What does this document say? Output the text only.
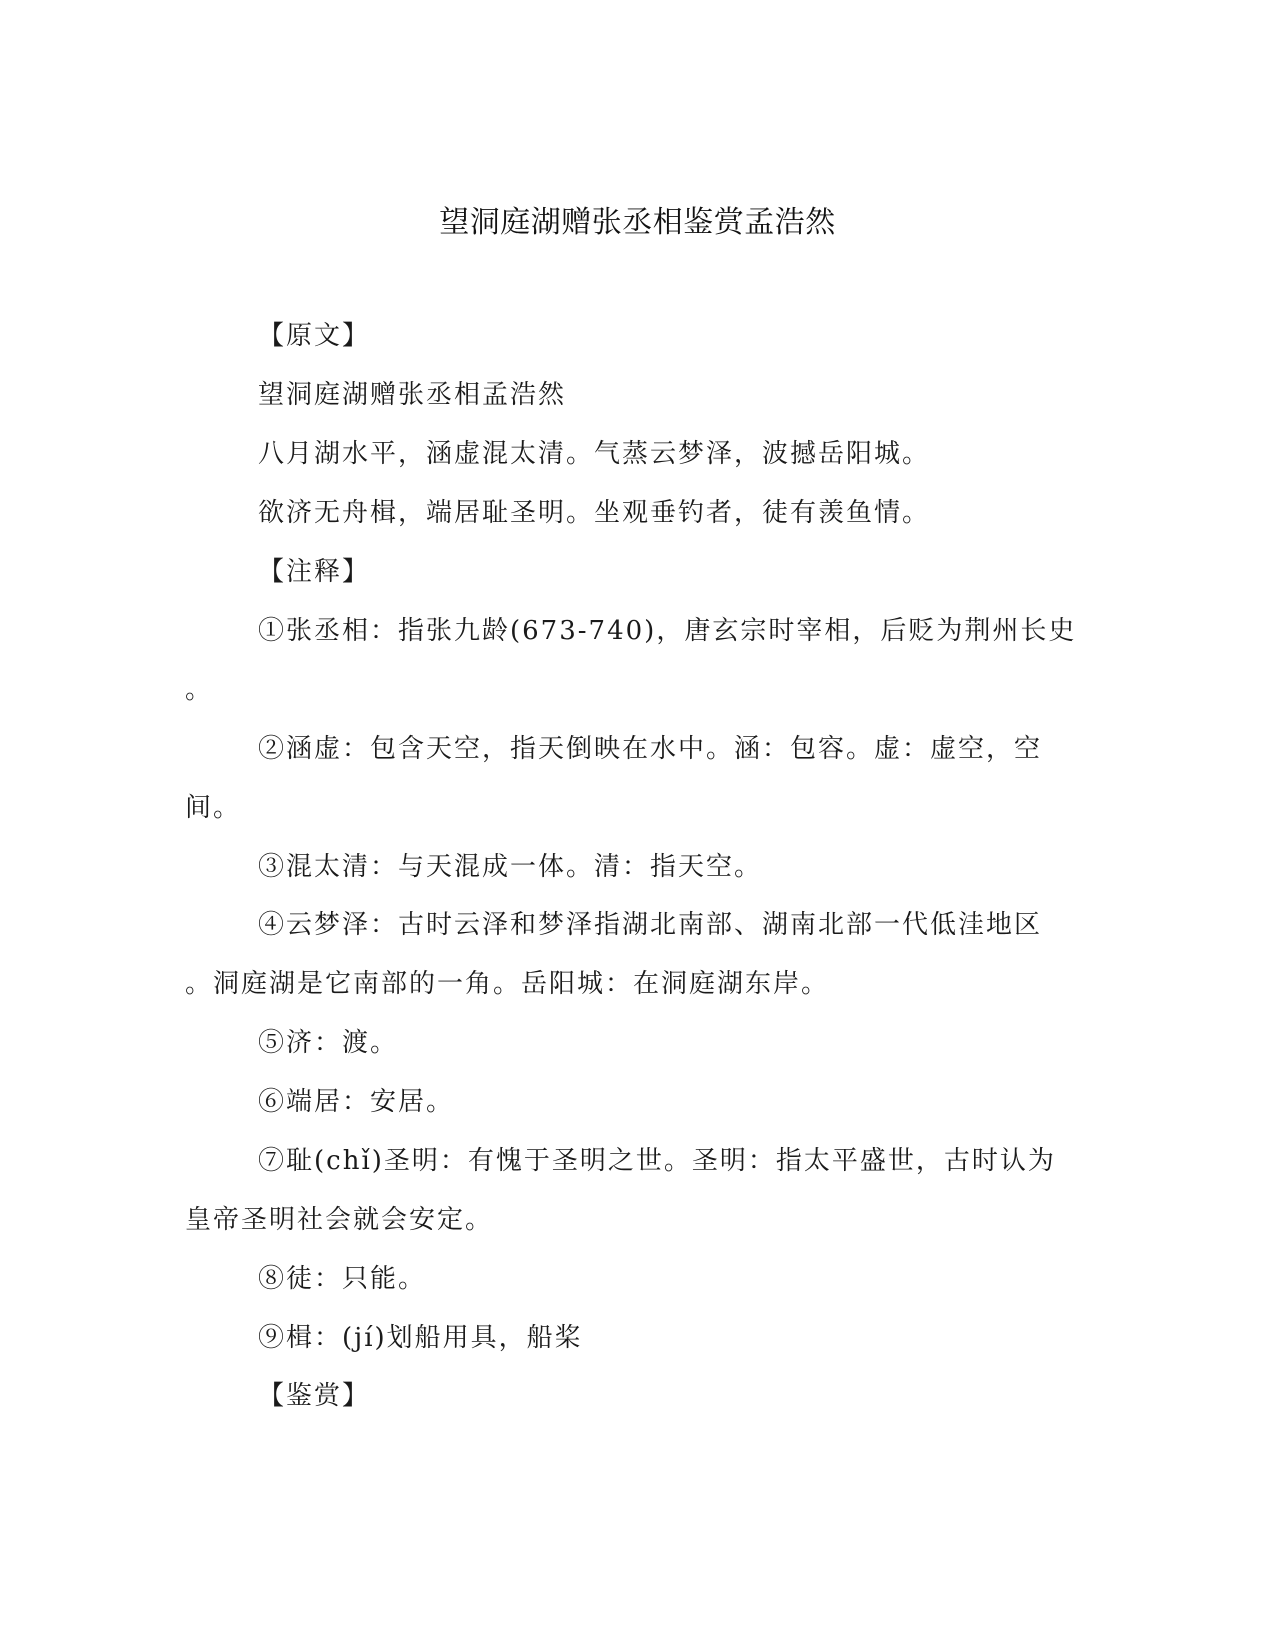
望洞庭湖赠张丞相鉴赏孟浩然
【原文】
望洞庭湖赠张丞相孟浩然
八月湖水平，涵虚混太清。气蒸云梦泽，波撼岳阳城。
欲济无舟楫，端居耻圣明。坐观垂钓者，徒有羡鱼情。
【注释】
①张丞相：指张九龄(673-740)，唐玄宗时宰相，后贬为荆州长史
。
②涵虚：包含天空，指天倒映在水中。涵：包容。虚：虚空，空
间。
③混太清：与天混成一体。清：指天空。
④云梦泽：古时云泽和梦泽指湖北南部、湖南北部一代低洼地区
。洞庭湖是它南部的一角。岳阳城：在洞庭湖东岸。
⑤济：渡。
⑥端居：安居。
⑦耻(chǐ)圣明：有愧于圣明之世。圣明：指太平盛世，古时认为
皇帝圣明社会就会安定。
⑧徒：只能。
⑨楫：(jí)划船用具，船桨
【鉴赏】
